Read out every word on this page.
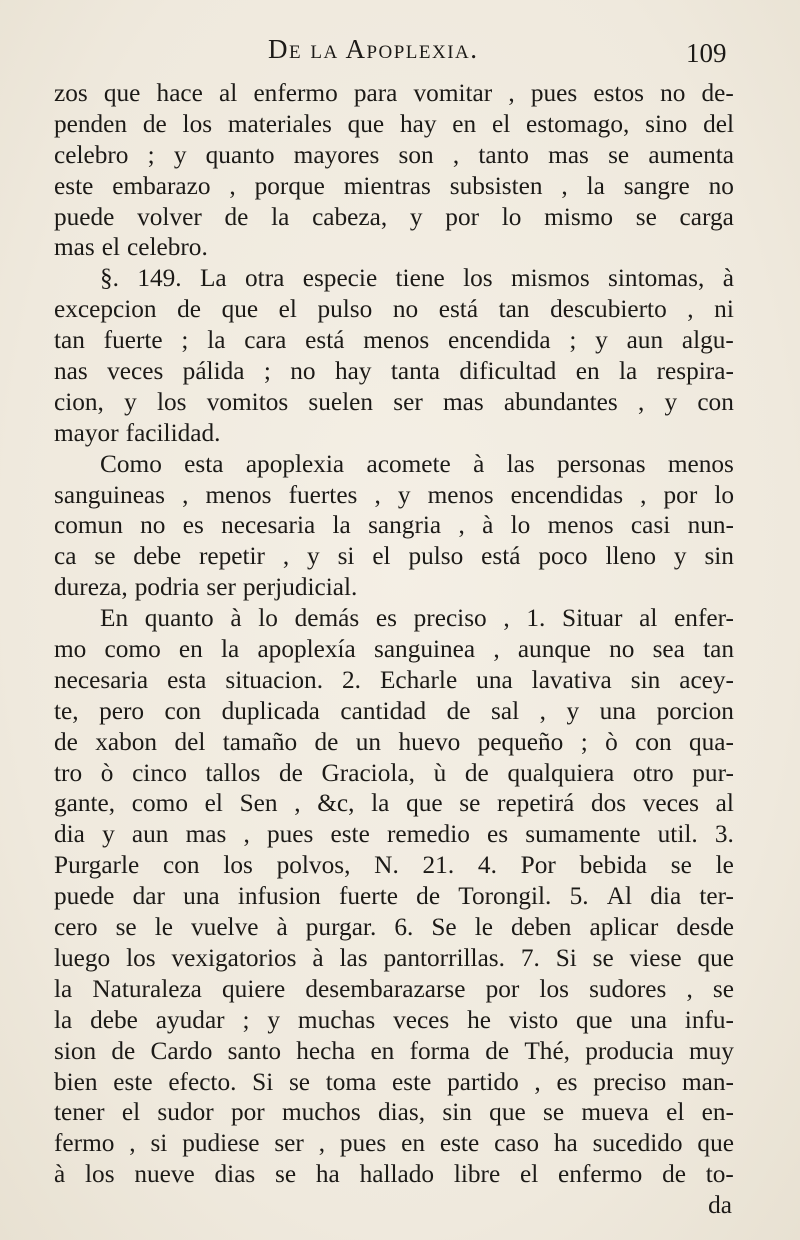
De la Apoplexia.	109
zos que hace al enfermo para vomitar , pues estos no de-
penden de los materiales que hay en el estomago, sino del
celebro ; y quanto mayores son , tanto mas se aumenta
este embarazo , porque mientras subsisten , la sangre no
puede volver de la cabeza, y por lo mismo se carga
mas el celebro.
§. 149. La otra especie tiene los mismos sintomas, à
excepcion de que el pulso no está tan descubierto , ni
tan fuerte ; la cara está menos encendida ; y aun algu-
nas veces pálida ; no hay tanta dificultad en la respira-
cion, y los vomitos suelen ser mas abundantes , y con
mayor facilidad.
Como esta apoplexia acomete à las personas menos
sanguineas , menos fuertes , y menos encendidas , por lo
comun no es necesaria la sangria , à lo menos casi nun-
ca se debe repetir , y si el pulso está poco lleno y sin
dureza, podria ser perjudicial.
En quanto à lo demás es preciso , 1. Situar al enfer-
mo como en la apoplexía sanguinea , aunque no sea tan
necesaria esta situacion. 2. Echarle una lavativa sin acey-
te, pero con duplicada cantidad de sal , y una porcion
de xabon del tamaño de un huevo pequeño ; ò con qua-
tro ò cinco tallos de Graciola, ù de qualquiera otro pur-
gante, como el Sen , &c, la que se repetirá dos veces al
dia y aun mas , pues este remedio es sumamente util. 3.
Purgarle con los polvos, N. 21. 4. Por bebida se le
puede dar una infusion fuerte de Torongil. 5. Al dia ter-
cero se le vuelve à purgar. 6. Se le deben aplicar desde
luego los vexigatorios à las pantorrillas. 7. Si se viese que
la Naturaleza quiere desembarazarse por los sudores , se
la debe ayudar ; y muchas veces he visto que una infu-
sion de Cardo santo hecha en forma de Thé, producia muy
bien este efecto. Si se toma este partido , es preciso man-
tener el sudor por muchos dias, sin que se mueva el en-
fermo , si pudiese ser , pues en este caso ha sucedido que
à los nueve dias se ha hallado libre el enfermo de to-
da
